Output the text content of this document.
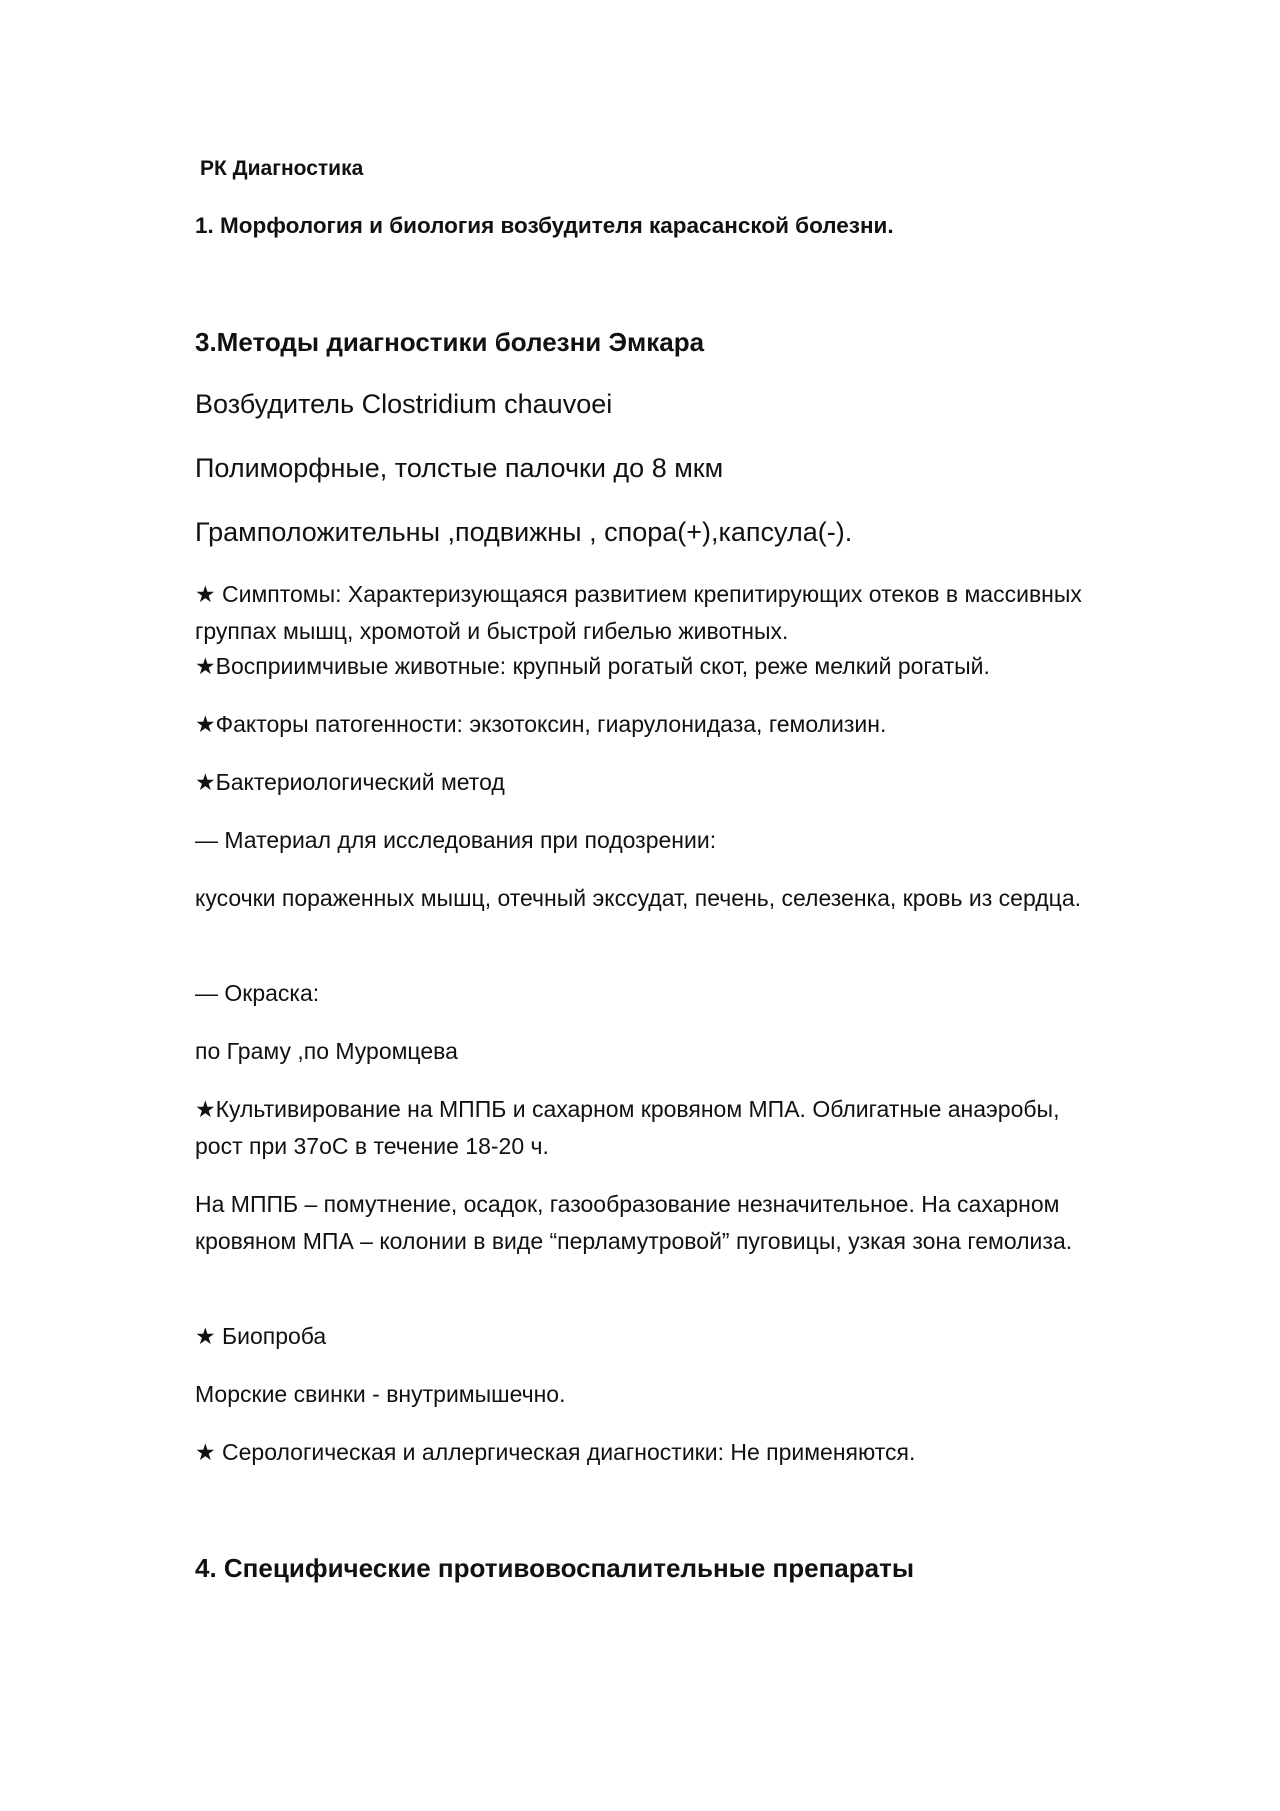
РК Диагностика

1. Морфология и биология возбудителя карасанской болезни.

3.Методы диагностики болезни Эмкара

Возбудитель Clostridium chauvoei

Полиморфные, толстые палочки до 8 мкм

Грамположительны ,подвижны , спора(+),капсула(-).

★ Симптомы: Характеризующаяся развитием крепитирующих отеков в массивных группах мышц, хромотой и быстрой гибелью животных.

★Восприимчивые животные: крупный рогатый скот, реже мелкий рогатый.

★Факторы патогенности: экзотоксин, гиарулонидаза, гемолизин.

★Бактериологический метод

— Материал для исследования при подозрении:

кусочки пораженных мышц, отечный экссудат, печень, селезенка, кровь из сердца.

— Окраска:

по Граму ,по Муромцева

★Культивирование на МППБ и сахарном кровяном МПА. Облигатные анаэробы, рост при 37оС в течение 18-20 ч.

На МППБ – помутнение, осадок, газообразование незначительное. На сахарном кровяном МПА – колонии в виде “перламутровой” пуговицы, узкая зона гемолиза.

★ Биопроба

Морские свинки - внутримышечно.

★ Серологическая и аллергическая диагностики: Не применяются.

4. Специфические противовоспалительные препараты
